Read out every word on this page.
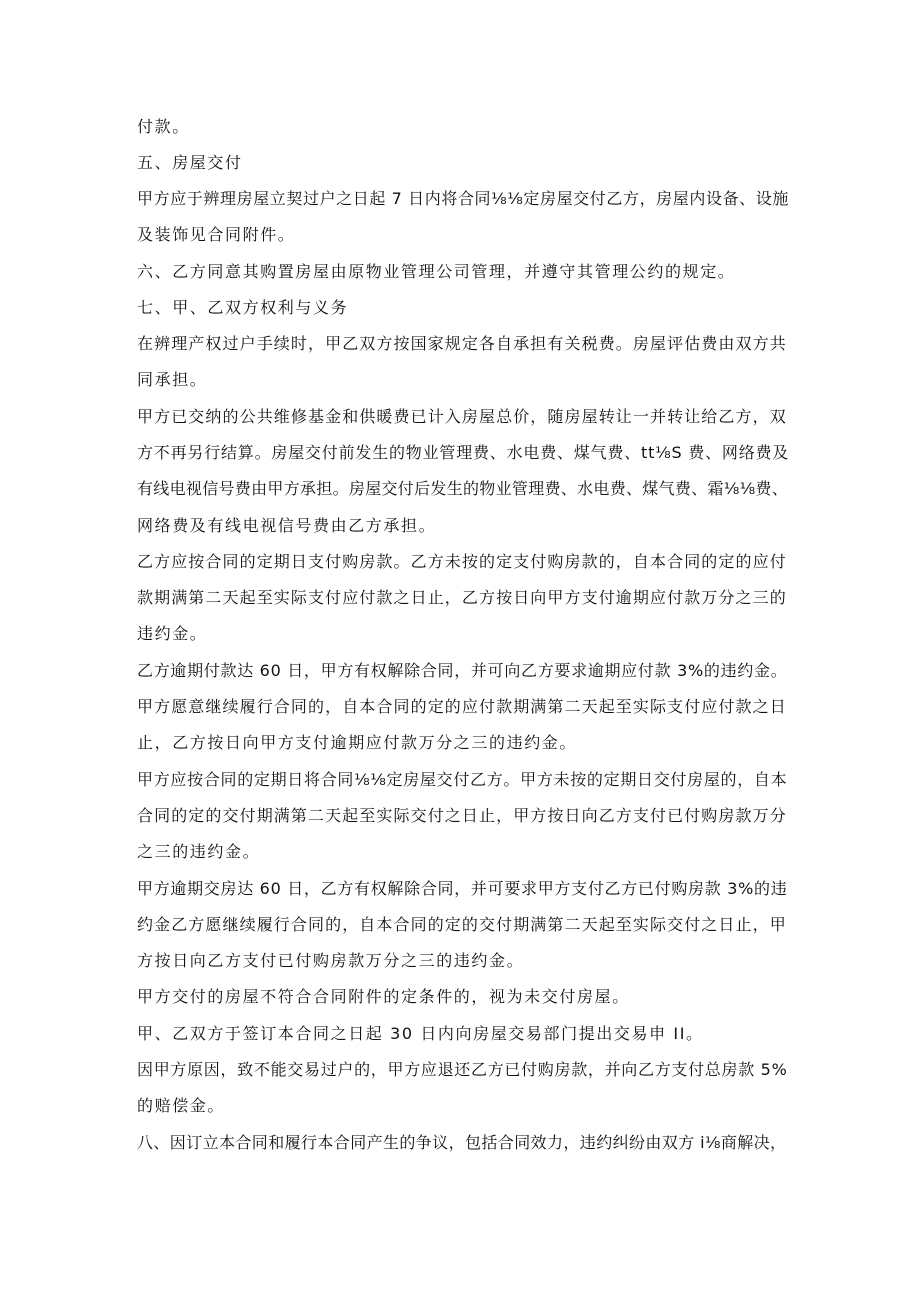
付款。
五、房屋交付
甲方应于辨理房屋立契过户之日起 7 日内将合同⅛⅛定房屋交付乙方，房屋内设备、设施
及装饰见合同附件。
六、乙方同意其购置房屋由原物业管理公司管理，并遵守其管理公约的规定。
七、甲、乙双方权利与义务
在辨理产权过户手续时，甲乙双方按国家规定各自承担有关税费。房屋评估费由双方共
同承担。
甲方已交纳的公共维修基金和供暖费已计入房屋总价，随房屋转让一并转让给乙方，双
方不再另行结算。房屋交付前发生的物业管理费、水电费、煤气费、tt⅛S 费、网络费及
有线电视信号费由甲方承担。房屋交付后发生的物业管理费、水电费、煤气费、霜⅛⅛费、
网络费及有线电视信号费由乙方承担。
乙方应按合同的定期日支付购房款。乙方未按的定支付购房款的，自本合同的定的应付
款期满第二天起至实际支付应付款之日止，乙方按日向甲方支付逾期应付款万分之三的
违约金。
乙方逾期付款达 60 日，甲方有权解除合同，并可向乙方要求逾期应付款 3%的违约金。
甲方愿意继续履行合同的，自本合同的定的应付款期满第二天起至实际支付应付款之日
止，乙方按日向甲方支付逾期应付款万分之三的违约金。
甲方应按合同的定期日将合同⅛⅛定房屋交付乙方。甲方未按的定期日交付房屋的，自本
合同的定的交付期满第二天起至实际交付之日止，甲方按日向乙方支付已付购房款万分
之三的违约金。
甲方逾期交房达 60 日，乙方有权解除合同，并可要求甲方支付乙方已付购房款 3%的违
约金乙方愿继续履行合同的，自本合同的定的交付期满第二天起至实际交付之日止，甲
方按日向乙方支付已付购房款万分之三的违约金。
甲方交付的房屋不符合合同附件的定条件的，视为未交付房屋。
甲、乙双方于签订本合同之日起 30 日内向房屋交易部门提出交易申 II。
因甲方原因，致不能交易过户的，甲方应退还乙方已付购房款，并向乙方支付总房款 5%
的赔偿金。
八、因订立本合同和履行本合同产生的争议，包括合同效力，违约纠纷由双方 i⅛商解决，
